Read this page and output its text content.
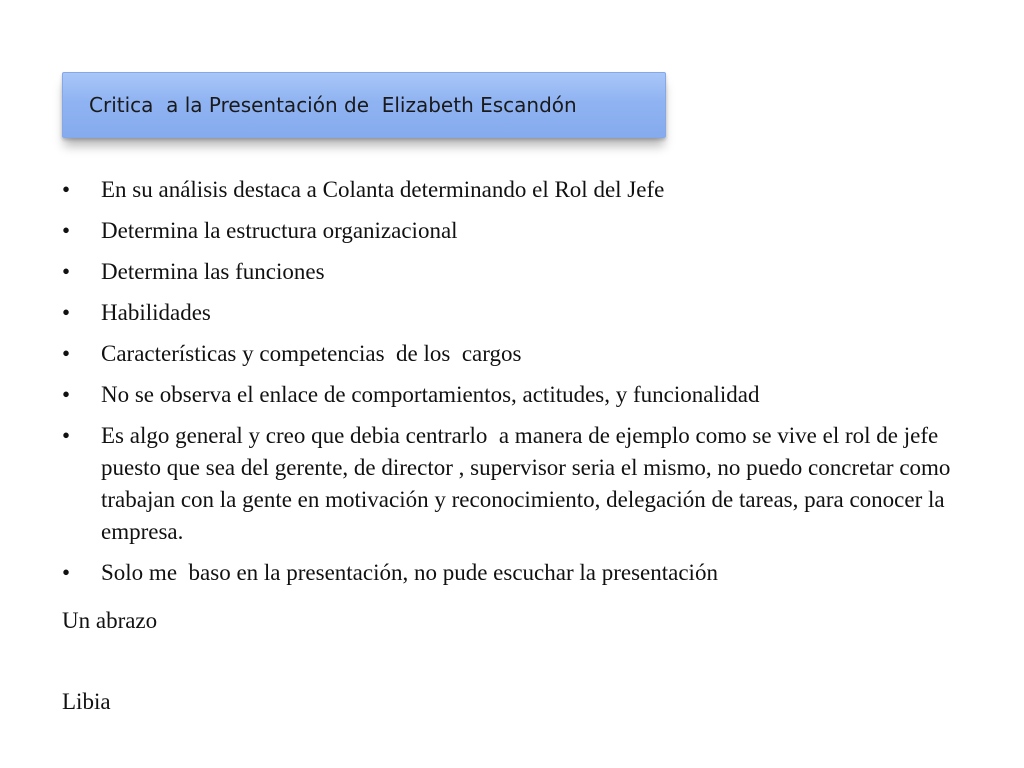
Critica  a la Presentación de  Elizabeth Escandón
• En su análisis destaca a Colanta determinando el Rol del Jefe
• Determina la estructura organizacional
• Determina las funciones
• Habilidades
• Características y competencias  de los  cargos
• No se observa el enlace de comportamientos, actitudes, y funcionalidad
• Es algo general y creo que debia centrarlo  a manera de ejemplo como se vive el rol de jefe puesto que sea del gerente, de director , supervisor seria el mismo, no puedo concretar como trabajan con la gente en motivación y reconocimiento, delegación de tareas, para conocer la empresa.
• Solo me  baso en la presentación, no pude escuchar la presentación
Un abrazo
Libia
